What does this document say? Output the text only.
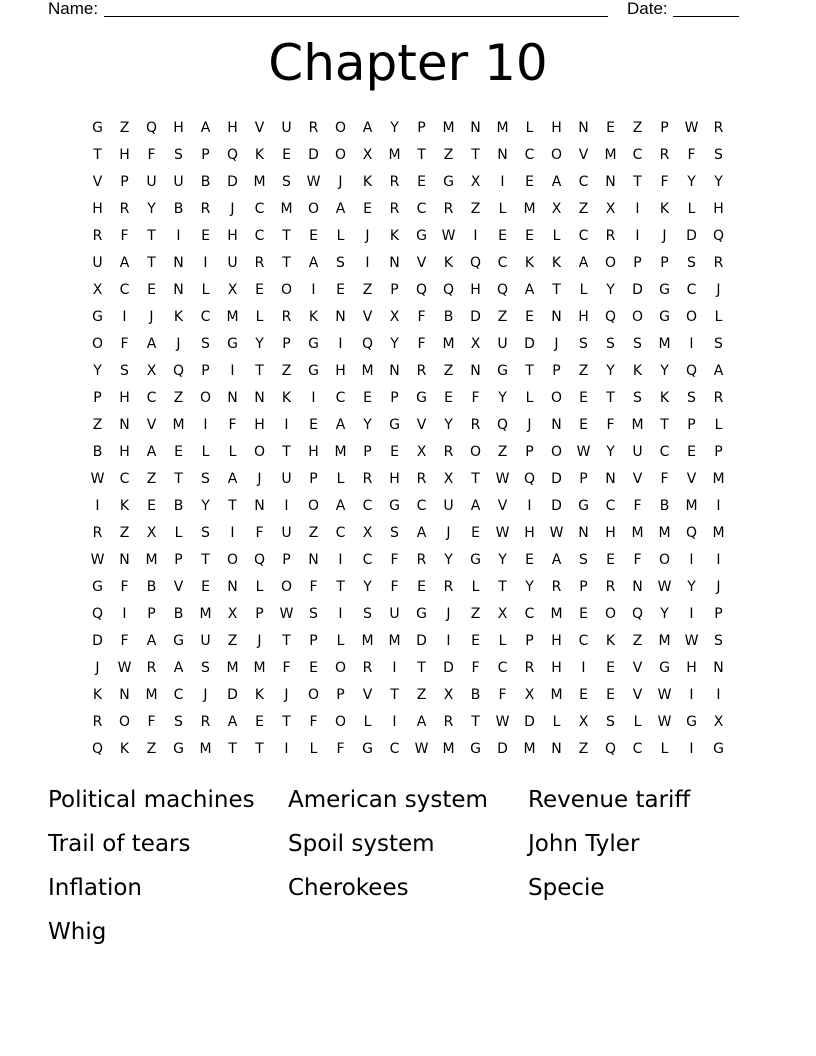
Name:	Date:
Chapter 10
G	Z	Q	H	A	H	V	U	R	O	A	Y	P	M	N	M	L	H	N	E	Z	P	W	R
T	H	F	S	P	Q	K	E	D	O	X	M	T	Z	T	N	C	O	V	M	C	R	F	S
V	P	U	U	B	D	M	S	W	J	K	R	E	G	X	I	E	A	C	N	T	F	Y	Y
H	R	Y	B	R	J	C	M	O	A	E	R	C	R	Z	L	M	X	Z	X	I	K	L	H
R	F	T	I	E	H	C	T	E	L	J	K	G	W	I	E	E	L	C	R	I	J	D	Q
U	A	T	N	I	U	R	T	A	S	I	N	V	K	Q	C	K	K	A	O	P	P	S	R
X	C	E	N	L	X	E	O	I	E	Z	P	Q	Q	H	Q	A	T	L	Y	D	G	C	J
G	I	J	K	C	M	L	R	K	N	V	X	F	B	D	Z	E	N	H	Q	O	G	O	L
O	F	A	J	S	G	Y	P	G	I	Q	Y	F	M	X	U	D	J	S	S	S	M	I	S
Y	S	X	Q	P	I	T	Z	G	H	M	N	R	Z	N	G	T	P	Z	Y	K	Y	Q	A
P	H	C	Z	O	N	N	K	I	C	E	P	G	E	F	Y	L	O	E	T	S	K	S	R
Z	N	V	M	I	F	H	I	E	A	Y	G	V	Y	R	Q	J	N	E	F	M	T	P	L
B	H	A	E	L	L	O	T	H	M	P	E	X	R	O	Z	P	O	W	Y	U	C	E	P
W	C	Z	T	S	A	J	U	P	L	R	H	R	X	T	W	Q	D	P	N	V	F	V	M
I	K	E	B	Y	T	N	I	O	A	C	G	C	U	A	V	I	D	G	C	F	B	M	I
R	Z	X	L	S	I	F	U	Z	C	X	S	A	J	E	W	H	W	N	H	M	M	Q	M
W	N	M	P	T	O	Q	P	N	I	C	F	R	Y	G	Y	E	A	S	E	F	O	I	I
G	F	B	V	E	N	L	O	F	T	Y	F	E	R	L	T	Y	R	P	R	N	W	Y	J
Q	I	P	B	M	X	P	W	S	I	S	U	G	J	Z	X	C	M	E	O	Q	Y	I	P
D	F	A	G	U	Z	J	T	P	L	M	M	D	I	E	L	P	H	C	K	Z	M	W	S
J	W	R	A	S	M	M	F	E	O	R	I	T	D	F	C	R	H	I	E	V	G	H	N
K	N	M	C	J	D	K	J	O	P	V	T	Z	X	B	F	X	M	E	E	V	W	I	I
R	O	F	S	R	A	E	T	F	O	L	I	A	R	T	W	D	L	X	S	L	W	G	X
Q	K	Z	G	M	T	T	I	L	F	G	C	W	M	G	D	M	N	Z	Q	C	L	I	G
Political machines	American system	Revenue tariff
Trail of tears	Spoil system	John Tyler
Inflation	Cherokees	Specie
Whig
